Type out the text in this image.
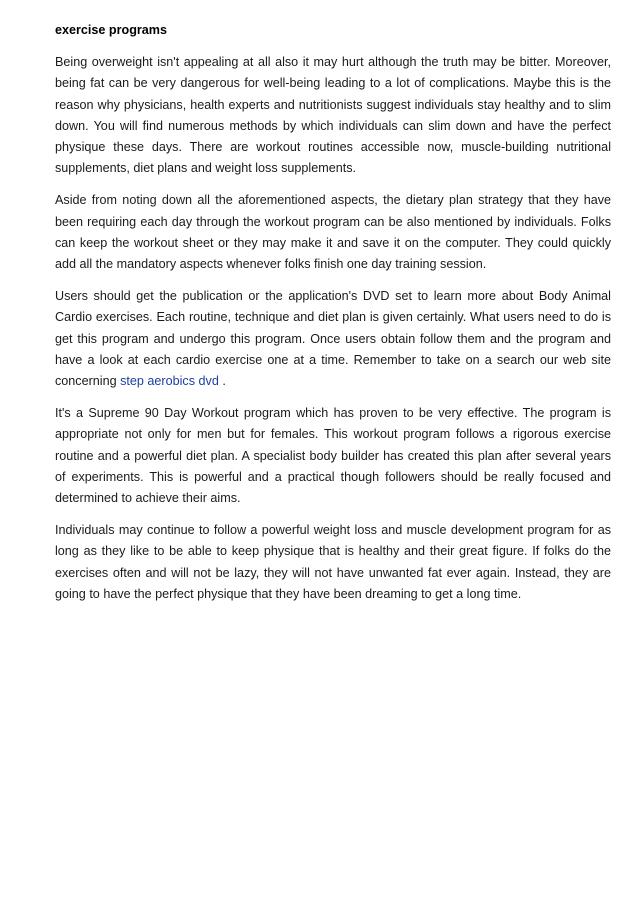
exercise programs

Being overweight isn't appealing at all also it may hurt although the truth may be bitter. Moreover, being fat can be very dangerous for well-being leading to a lot of complications. Maybe this is the reason why physicians, health experts and nutritionists suggest individuals stay healthy and to slim down. You will find numerous methods by which individuals can slim down and have the perfect physique these days. There are workout routines accessible now, muscle-building nutritional supplements, diet plans and weight loss supplements.

Aside from noting down all the aforementioned aspects, the dietary plan strategy that they have been requiring each day through the workout program can be also mentioned by individuals. Folks can keep the workout sheet or they may make it and save it on the computer. They could quickly add all the mandatory aspects whenever folks finish one day training session.

Users should get the publication or the application's DVD set to learn more about Body Animal Cardio exercises. Each routine, technique and diet plan is given certainly. What users need to do is get this program and undergo this program. Once users obtain follow them and the program and have a look at each cardio exercise one at a time. Remember to take on a search our web site concerning step aerobics dvd .

It's a Supreme 90 Day Workout program which has proven to be very effective. The program is appropriate not only for men but for females. This workout program follows a rigorous exercise routine and a powerful diet plan. A specialist body builder has created this plan after several years of experiments. This is powerful and a practical though followers should be really focused and determined to achieve their aims.

Individuals may continue to follow a powerful weight loss and muscle development program for as long as they like to be able to keep physique that is healthy and their great figure. If folks do the exercises often and will not be lazy, they will not have unwanted fat ever again. Instead, they are going to have the perfect physique that they have been dreaming to get a long time.
